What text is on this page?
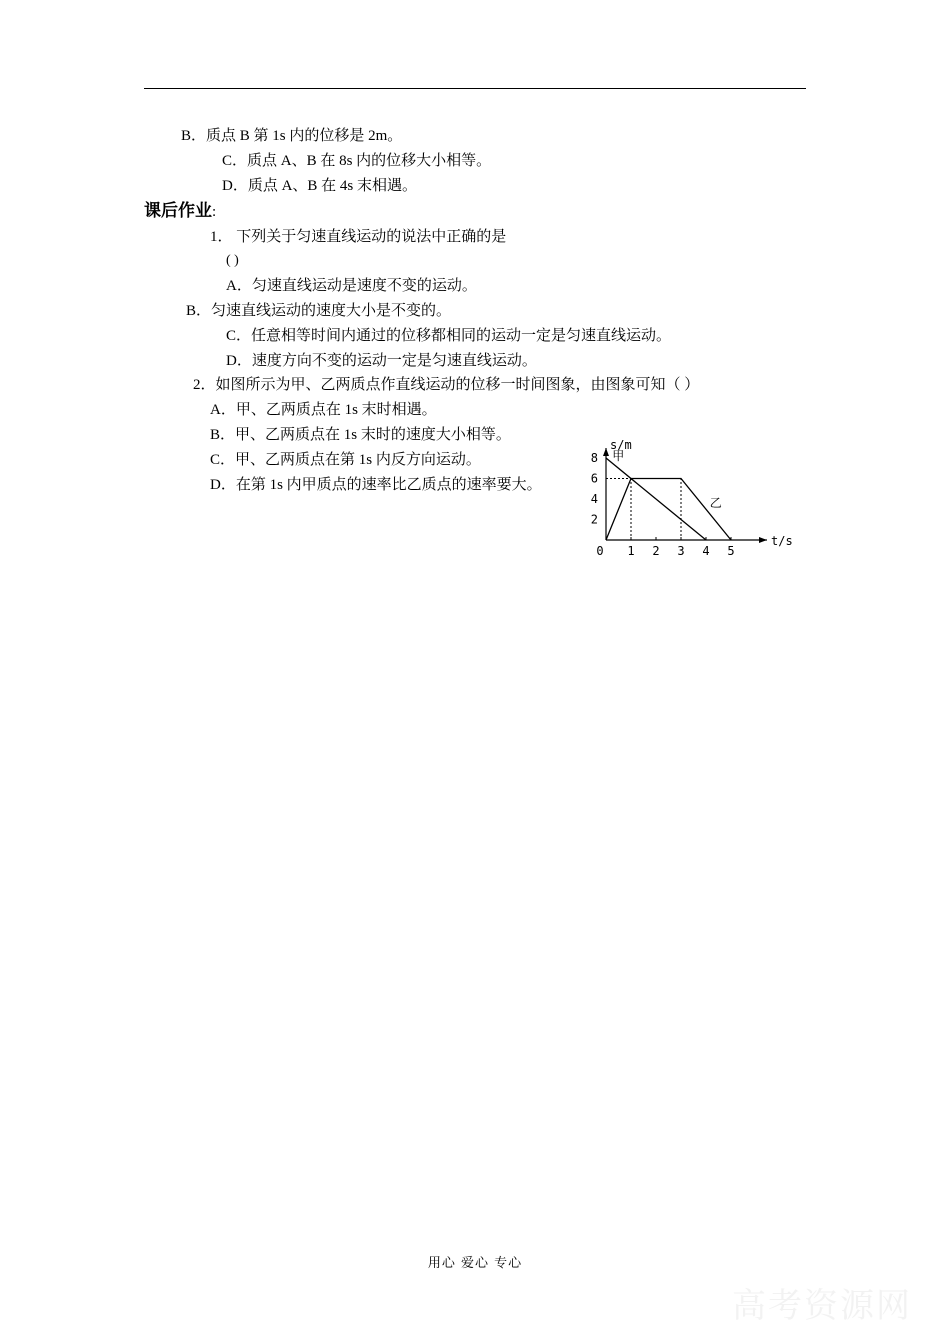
B．质点 B 第 1s 内的位移是 2m。
C．质点 A、B 在 8s 内的位移大小相等。
D．质点 A、B 在 4s 末相遇。
课后作业:
1． 下列关于匀速直线运动的说法中正确的是
( )
A．匀速直线运动是速度不变的运动。
B．匀速直线运动的速度大小是不变的。
C．任意相等时间内通过的位移都相同的运动一定是匀速直线运动。
D．速度方向不变的运动一定是匀速直线运动。
2．如图所示为甲、乙两质点作直线运动的位移一时间图象，由图象可知（ ）
A．甲、乙两质点在 1s 末时相遇。
B．甲、乙两质点在 1s 末时的速度大小相等。
C．甲、乙两质点在第 1s 内反方向运动。
D．在第 1s 内甲质点的速率比乙质点的速率要大。
t/s
s/m
0 1 2 3 4 5
2
4
6
8 甲
乙
用心 爱心 专心
高考资源网
